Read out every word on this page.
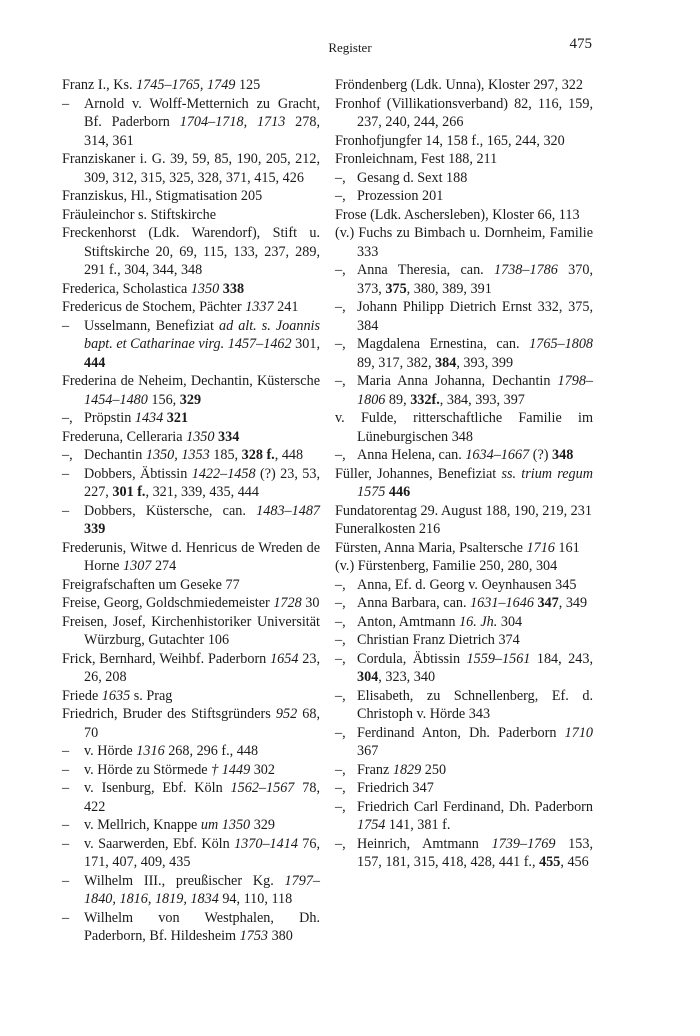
Register	475

Franz I., Ks. 1745–1765, 1749 125

– Arnold v. Wolff-Metternich zu Gracht, Bf. Paderborn 1704–1718, 1713 278, 314, 361

Franziskaner i. G. 39, 59, 85, 190, 205, 212, 309, 312, 315, 325, 328, 371, 415, 426

Franziskus, Hl., Stigmatisation 205

Fräuleinchor s. Stiftskirche

Freckenhorst (Ldk. Warendorf), Stift u. Stiftskirche 20, 69, 115, 133, 237, 289, 291 f., 304, 344, 348

Frederica, Scholastica 1350 338

Fredericus de Stochem, Pächter 1337 241

– Usselmann, Benefiziat ad alt. s. Joannis bapt. et Catharinae virg. 1457–1462 301, 444

Frederina de Neheim, Dechantin, Küstersche 1454–1480 156, 329

–, Pröpstin 1434 321

Frederuna, Celleraria 1350 334

–, Dechantin 1350, 1353 185, 328 f., 448

– Dobbers, Äbtissin 1422–1458 (?) 23, 53, 227, 301 f., 321, 339, 435, 444

– Dobbers, Küstersche, can. 1483–1487 339

Frederunis, Witwe d. Henricus de Wreden de Horne 1307 274

Freigrafschaften um Geseke 77

Freise, Georg, Goldschmiedemeister 1728 30

Freisen, Josef, Kirchenhistoriker Universität Würzburg, Gutachter 106

Frick, Bernhard, Weihbf. Paderborn 1654 23, 26, 208

Friede 1635 s. Prag

Friedrich, Bruder des Stiftsgründers 952 68, 70

– v. Hörde 1316 268, 296 f., 448

– v. Hörde zu Störmede † 1449 302

– v. Isenburg, Ebf. Köln 1562–1567 78, 422

– v. Mellrich, Knappe um 1350 329

– v. Saarwerden, Ebf. Köln 1370–1414 76, 171, 407, 409, 435

– Wilhelm III., preußischer Kg. 1797–1840, 1816, 1819, 1834 94, 110, 118

– Wilhelm von Westphalen, Dh. Paderborn, Bf. Hildesheim 1753 380

Fröndenberg (Ldk. Unna), Kloster 297, 322

Fronhof (Villikationsverband) 82, 116, 159, 237, 240, 244, 266

Fronhofjungfer 14, 158 f., 165, 244, 320

Fronleichnam, Fest 188, 211

–, Gesang d. Sext 188

–, Prozession 201

Frose (Ldk. Aschersleben), Kloster 66, 113

(v.) Fuchs zu Bimbach u. Dornheim, Familie 333

–, Anna Theresia, can. 1738–1786 370, 373, 375, 380, 389, 391

–, Johann Philipp Dietrich Ernst 332, 375, 384

–, Magdalena Ernestina, can. 1765–1808 89, 317, 382, 384, 393, 399

–, Maria Anna Johanna, Dechantin 1798–1806 89, 332f., 384, 393, 397

v. Fulde, ritterschaftliche Familie im Lüneburgischen 348

–, Anna Helena, can. 1634–1667 (?) 348

Füller, Johannes, Benefiziat ss. trium regum 1575 446

Fundatorentag 29. August 188, 190, 219, 231

Funeralkosten 216

Fürsten, Anna Maria, Psaltersche 1716 161

(v.) Fürstenberg, Familie 250, 280, 304

–, Anna, Ef. d. Georg v. Oeynhausen 345

–, Anna Barbara, can. 1631–1646 347, 349

–, Anton, Amtmann 16. Jh. 304

–, Christian Franz Dietrich 374

–, Cordula, Äbtissin 1559–1561 184, 243, 304, 323, 340

–, Elisabeth, zu Schnellenberg, Ef. d. Christoph v. Hörde 343

–, Ferdinand Anton, Dh. Paderborn 1710 367

–, Franz 1829 250

–, Friedrich 347

–, Friedrich Carl Ferdinand, Dh. Paderborn 1754 141, 381 f.

–, Heinrich, Amtmann 1739–1769 153, 157, 181, 315, 418, 428, 441 f., 455, 456
